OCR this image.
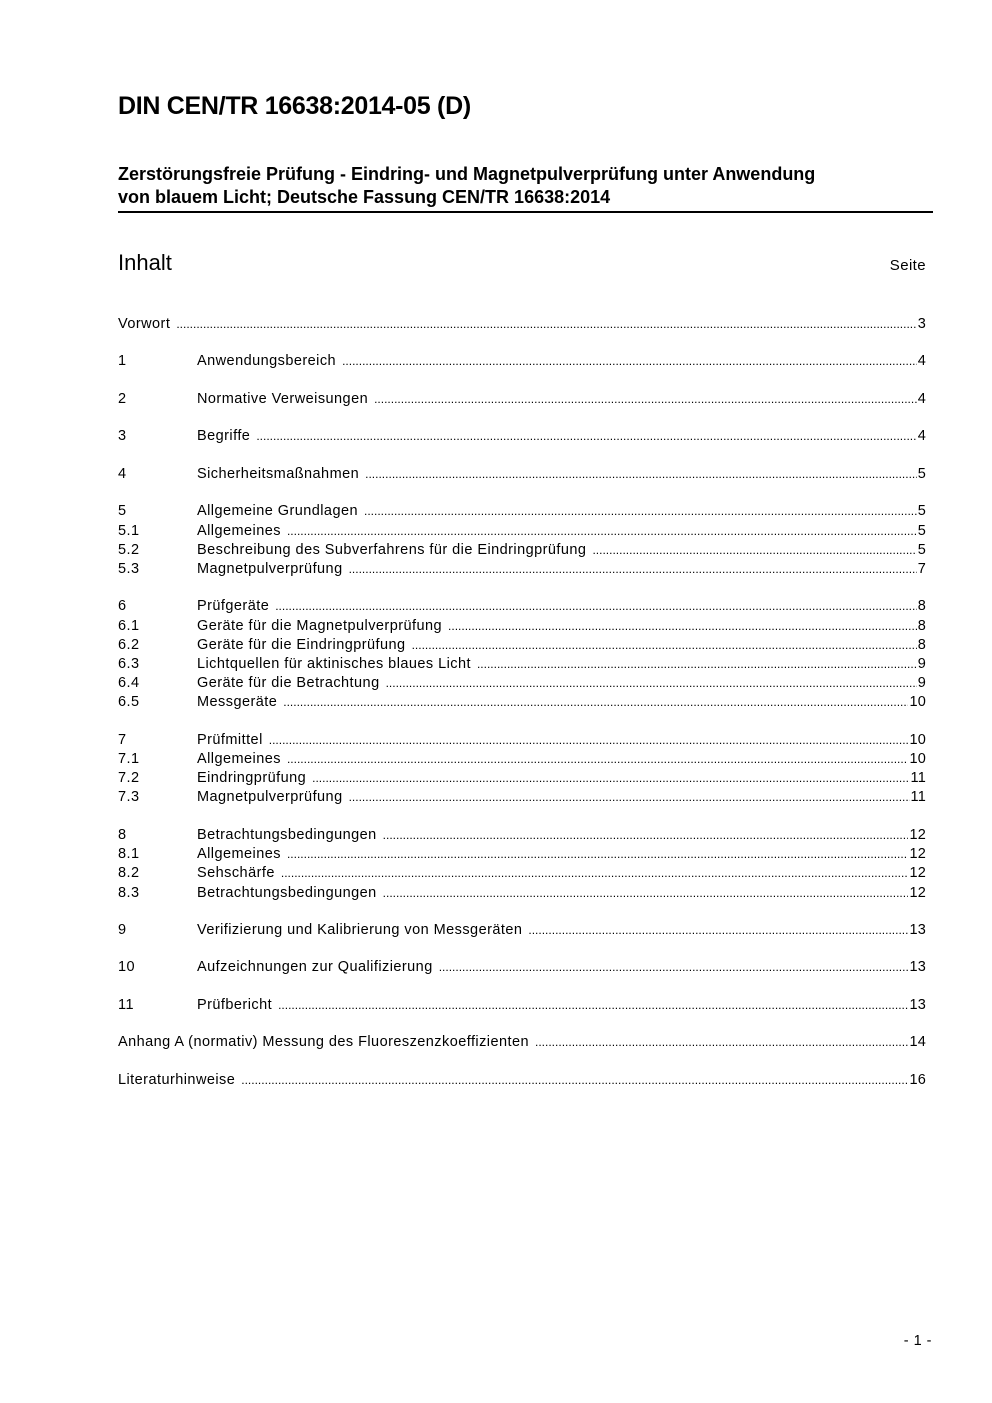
DIN CEN/TR 16638:2014-05 (D)
Zerstörungsfreie Prüfung - Eindring- und Magnetpulverprüfung unter Anwendung
von blauem Licht; Deutsche Fassung CEN/TR 16638:2014
Inhalt	Seite
Vorwort .....	3
1	Anwendungsbereich .....	4
2	Normative Verweisungen .....	4
3	Begriffe .....	4
4	Sicherheitsmaßnahmen .....	5
5	Allgemeine Grundlagen .....	5
5.1	Allgemeines .....	5
5.2	Beschreibung des Subverfahrens für die Eindringprüfung .....	5
5.3	Magnetpulverprüfung .....	7
6	Prüfgeräte .....	8
6.1	Geräte für die Magnetpulverprüfung .....	8
6.2	Geräte für die Eindringprüfung .....	8
6.3	Lichtquellen für aktinisches blaues Licht .....	9
6.4	Geräte für die Betrachtung .....	9
6.5	Messgeräte .....	10
7	Prüfmittel .....	10
7.1	Allgemeines .....	10
7.2	Eindringprüfung .....	11
7.3	Magnetpulverprüfung .....	11
8	Betrachtungsbedingungen .....	12
8.1	Allgemeines .....	12
8.2	Sehschärfe .....	12
8.3	Betrachtungsbedingungen .....	12
9	Verifizierung und Kalibrierung von Messgeräten .....	13
10	Aufzeichnungen zur Qualifizierung .....	13
11	Prüfbericht .....	13
Anhang A (normativ) Messung des Fluoreszenzkoeffizienten .....	14
Literaturhinweise .....	16
- 1 -
